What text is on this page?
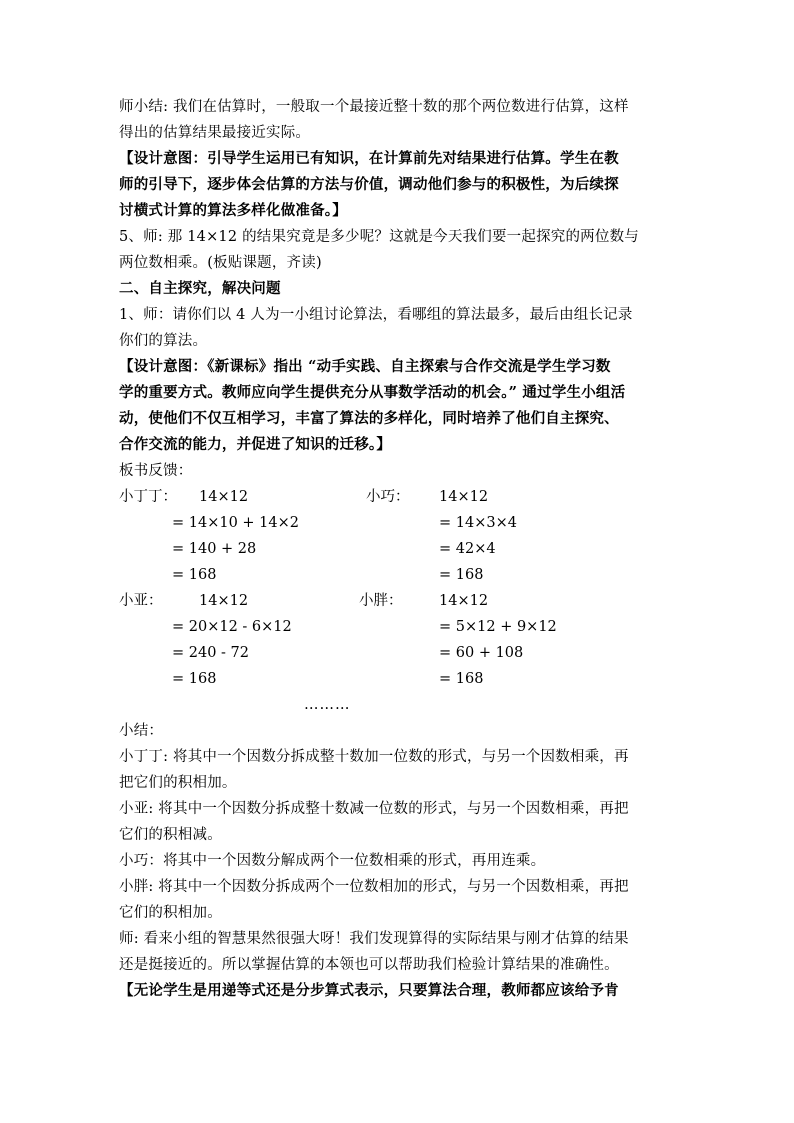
师小结: 我们在估算时，一般取一个最接近整十数的那个两位数进行估算，这样
得出的估算结果最接近实际。
【设计意图：引导学生运用已有知识，在计算前先对结果进行估算。学生在教
师的引导下，逐步体会估算的方法与价值，调动他们参与的积极性，为后续探
讨横式计算的算法多样化做准备。】
5、师: 那 14×12 的结果究竟是多少呢？这就是今天我们要一起探究的两位数与
两位数相乘。(板贴课题，齐读)
二、自主探究，解决问题
1、师：请你们以 4 人为一小组讨论算法，看哪组的算法最多，最后由组长记录
你们的算法。
【设计意图：《新课标》指出 “动手实践、自主探索与合作交流是学生学习数
学的重要方式。教师应向学生提供充分从事数学活动的机会。” 通过学生小组活
动，使他们不仅互相学习，丰富了算法的多样化，同时培养了他们自主探究、
合作交流的能力，并促进了知识的迁移。】
板书反馈：
小丁丁： 14×12	小巧： 14×12
= 14×10 + 14×2	= 14×3×4
= 140 + 28	= 42×4
= 168	= 168
小亚：	14×12	小胖：	14×12
= 20×12 - 6×12	= 5×12 + 9×12
= 240 - 72	= 60 + 108
= 168	= 168
………
小结：
小丁丁: 将其中一个因数分拆成整十数加一位数的形式，与另一个因数相乘，再
把它们的积相加。
小亚: 将其中一个因数分拆成整十数减一位数的形式，与另一个因数相乘，再把
它们的积相减。
小巧：将其中一个因数分解成两个一位数相乘的形式，再用连乘。
小胖: 将其中一个因数分拆成两个一位数相加的形式，与另一个因数相乘，再把
它们的积相加。
师: 看来小组的智慧果然很强大呀！我们发现算得的实际结果与刚才估算的结果
还是挺接近的。所以掌握估算的本领也可以帮助我们检验计算结果的准确性。
【无论学生是用递等式还是分步算式表示，只要算法合理，教师都应该给予肯
